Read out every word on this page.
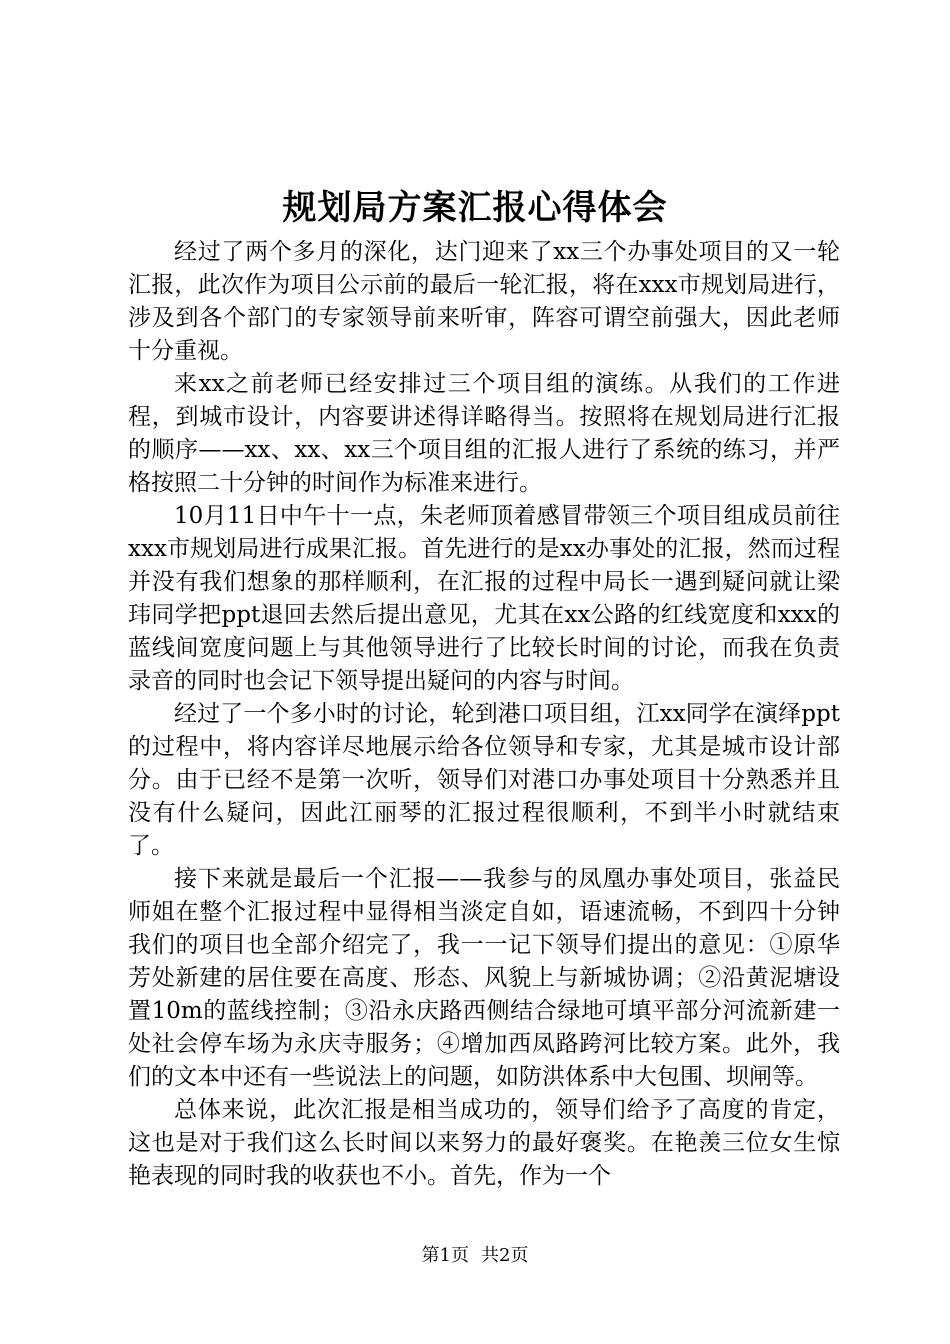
规划局方案汇报心得体会

经过了两个多月的深化，达门迎来了xx三个办事处项目的又一轮汇报，此次作为项目公示前的最后一轮汇报，将在xxx市规划局进行，涉及到各个部门的专家领导前来听审，阵容可谓空前强大，因此老师十分重视。

来xx之前老师已经安排过三个项目组的演练。从我们的工作进程，到城市设计，内容要讲述得详略得当。按照将在规划局进行汇报的顺序——xx、xx、xx三个项目组的汇报人进行了系统的练习，并严格按照二十分钟的时间作为标准来进行。

10月11日中午十一点，朱老师顶着感冒带领三个项目组成员前往xxx市规划局进行成果汇报。首先进行的是xx办事处的汇报，然而过程并没有我们想象的那样顺利，在汇报的过程中局长一遇到疑问就让梁玮同学把ppt退回去然后提出意见，尤其在xx公路的红线宽度和xxx的蓝线间宽度问题上与其他领导进行了比较长时间的讨论，而我在负责录音的同时也会记下领导提出疑问的内容与时间。

经过了一个多小时的讨论，轮到港口项目组，江xx同学在演绎ppt的过程中，将内容详尽地展示给各位领导和专家，尤其是城市设计部分。由于已经不是第一次听，领导们对港口办事处项目十分熟悉并且没有什么疑问，因此江丽琴的汇报过程很顺利，不到半小时就结束了。

接下来就是最后一个汇报——我参与的凤凰办事处项目，张益民师姐在整个汇报过程中显得相当淡定自如，语速流畅，不到四十分钟我们的项目也全部介绍完了，我一一记下领导们提出的意见：①原华芳处新建的居住要在高度、形态、风貌上与新城协调；②沿黄泥塘设置10m的蓝线控制；③沿永庆路西侧结合绿地可填平部分河流新建一处社会停车场为永庆寺服务；④增加西凤路跨河比较方案。此外，我们的文本中还有一些说法上的问题，如防洪体系中大包围、坝闸等。

总体来说，此次汇报是相当成功的，领导们给予了高度的肯定，这也是对于我们这么长时间以来努力的最好褒奖。在艳羡三位女生惊艳表现的同时我的收获也不小。首先，作为一个

第1页 共2页
